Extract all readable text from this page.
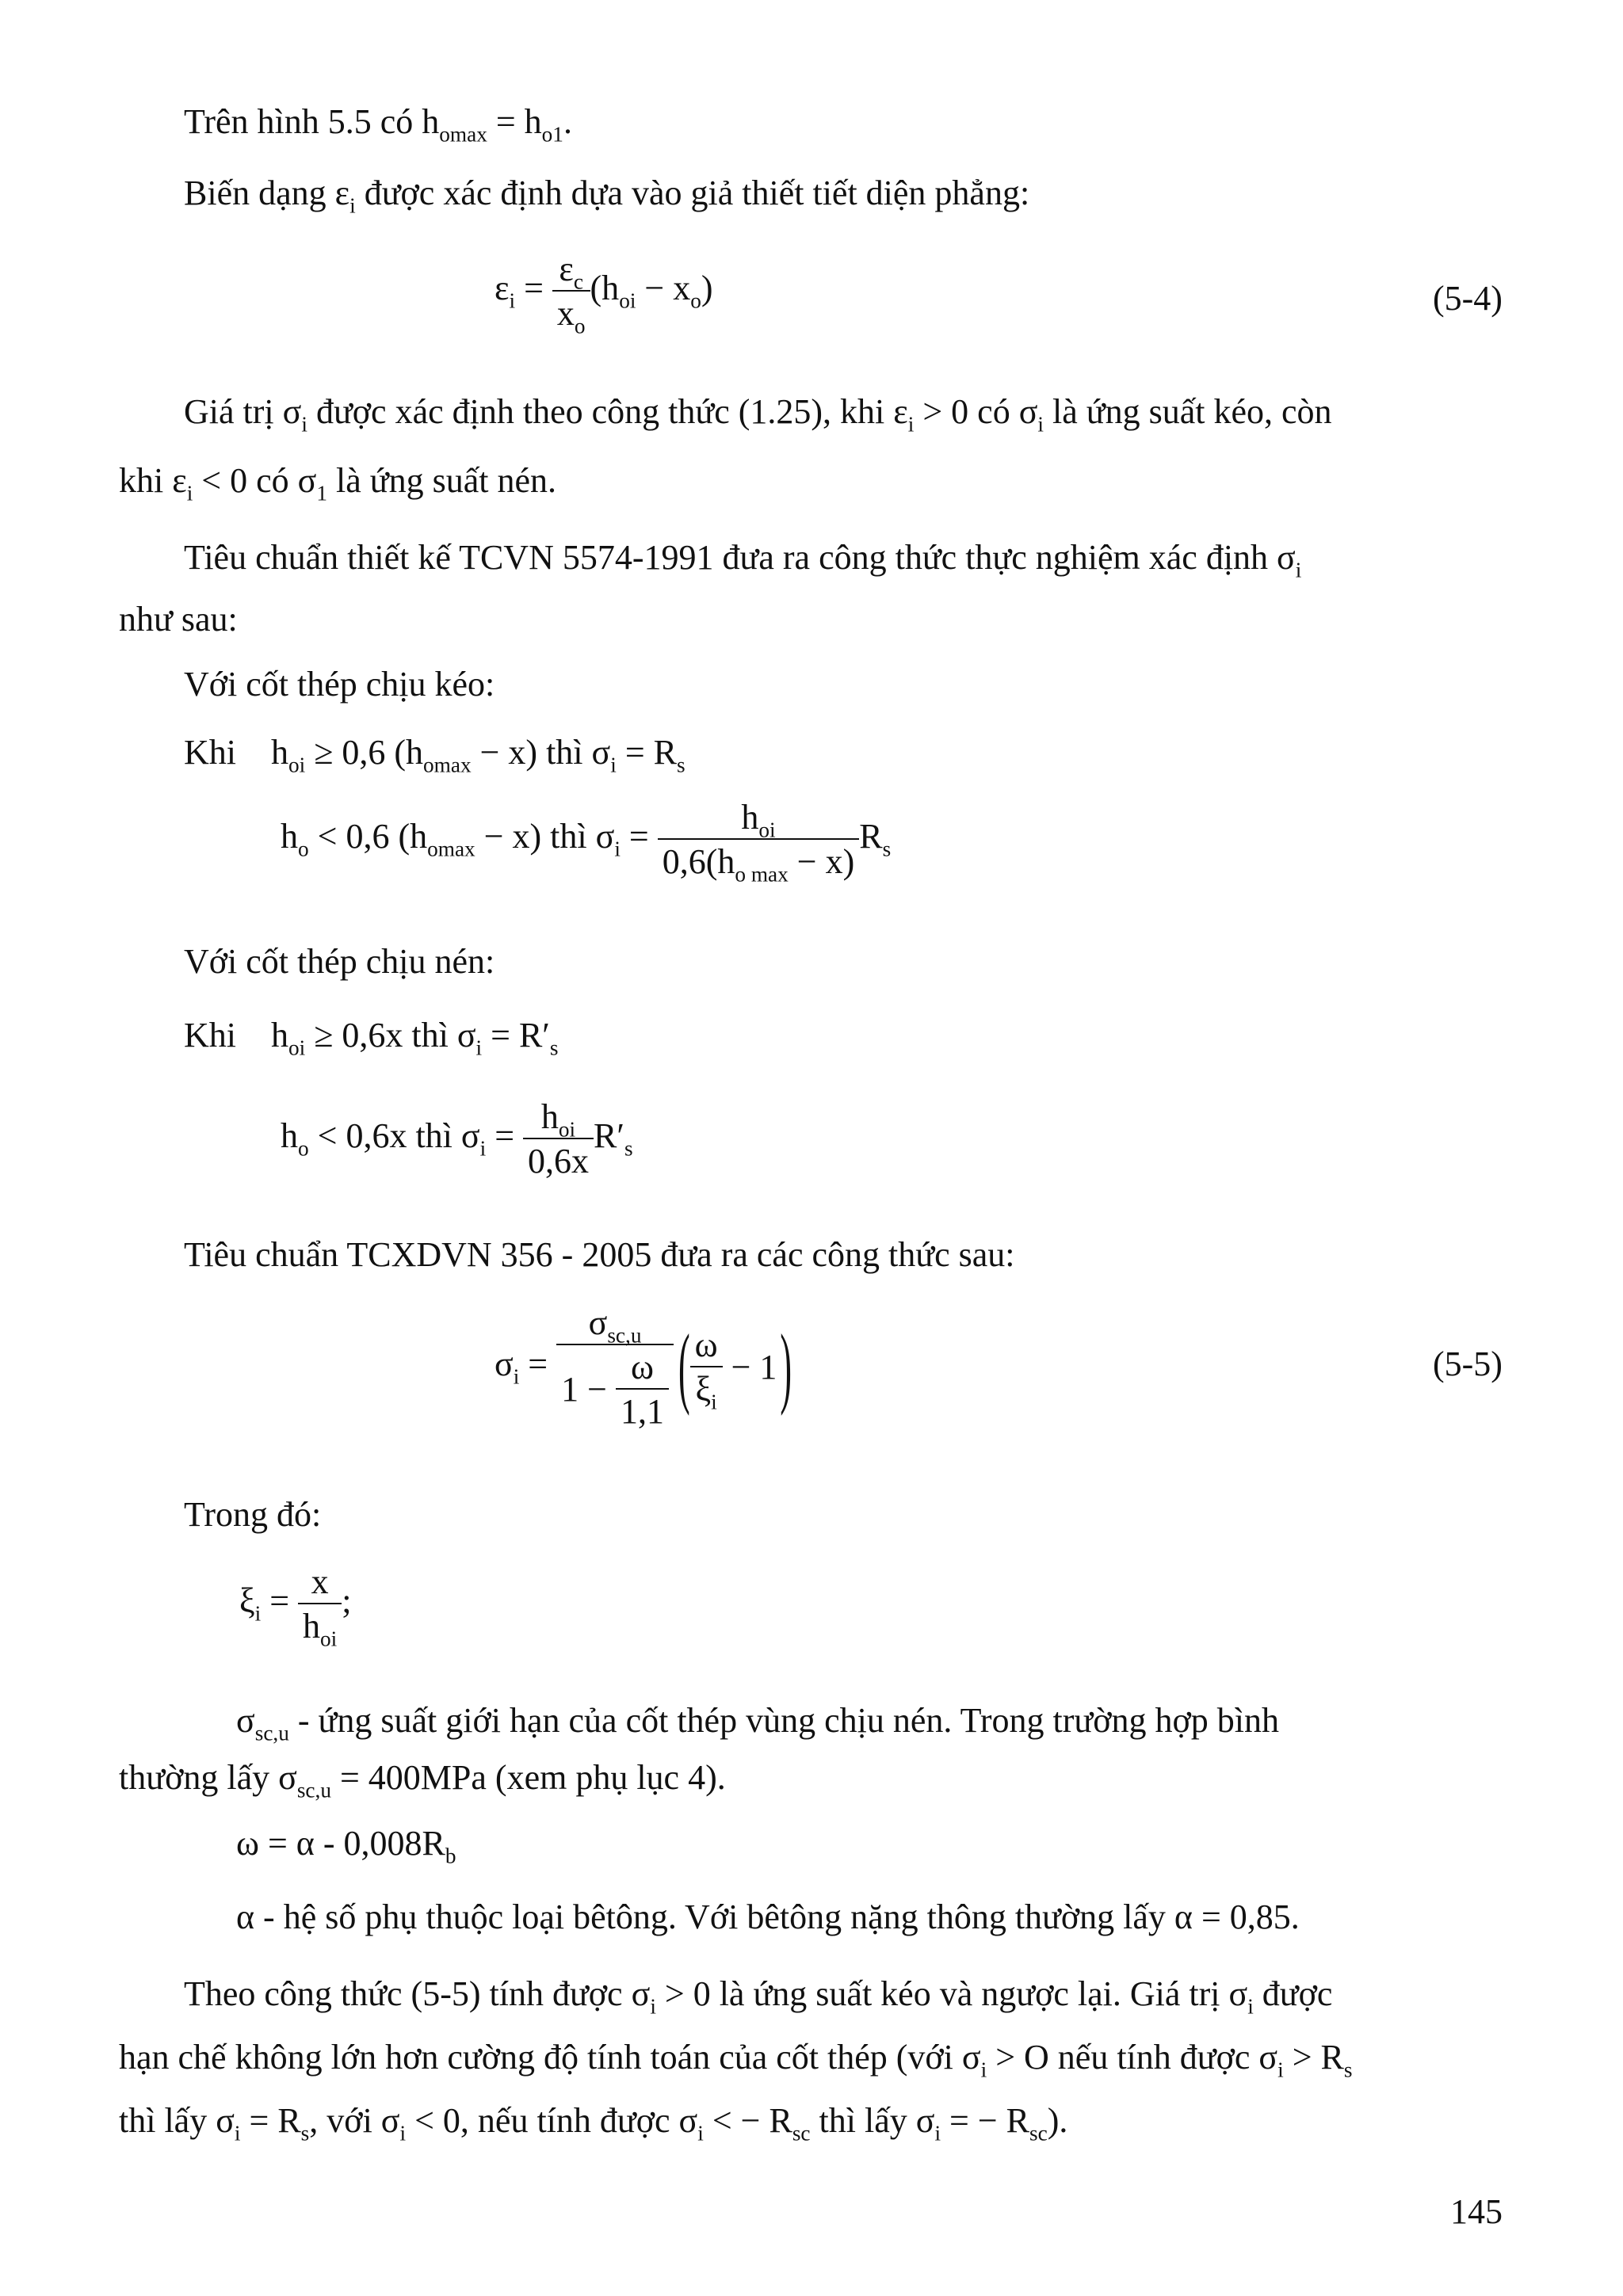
Trên hình 5.5 có $h_{omax} = h_{o1}$.
Biến dạng $\varepsilon_i$ được xác định dựa vào giả thiết tiết diện phẳng:
$\varepsilon_i = \frac{\varepsilon_c}{x_o} (h_{oi} - x_o)$	(5-4)
Giá trị $\sigma_i$ được xác định theo công thức (1.25), khi $\varepsilon_i > 0$ có $\sigma_i$ là ứng suất kéo, còn
khi $\varepsilon_i < 0$ có $\sigma_1$ là ứng suất nén.
Tiêu chuẩn thiết kế TCVN 5574-1991 đưa ra công thức thực nghiệm xác định $\sigma_i$
như sau:
Với cốt thép chịu kéo:
Khi $h_{oi} \ge 0,6$ $(h_{omax} - x)$ thì $\sigma_i = R_s$
$h_o < 0,6$ $(h_{omax} - x)$ thì $\sigma_i = \frac{h_{oi}}{0,6(h_{o max} - x)} R_s$
Với cốt thép chịu nén:
Khi $h_{oi} \ge 0,6x$ thì $\sigma_i = R'_s$
$h_o < 0,6x$ thì $\sigma_i = \frac{h_{oi}}{0,6x} R'_s$
Tiêu chuẩn TCXDVN 356 - 2005 đưa ra các công thức sau:
$\sigma_i = \frac{\sigma_{sc,u}}{1 - \frac{\omega}{1,1}}$ ( $\frac{\omega}{\xi_i} - 1$)	(5-5)
Trong đó:
$\xi_i = \frac{x}{h_{oi}}$ ;
$\sigma_{sc,u}$ - ứng suất giới hạn của cốt thép vùng chịu nén. Trong trường hợp bình
thường lấy $\sigma_{sc,u} = 400MPa$ (xem phụ lục 4).
$\omega = \alpha - 0,008R_b$
α - hệ số phụ thuộc loại bêtông. Với bêtông nặng thông thường lấy α = 0,85.
Theo công thức (5-5) tính được $\sigma_i > 0$ là ứng suất kéo và ngược lại. Giá trị $\sigma_i$ được
hạn chế không lớn hơn cường độ tính toán của cốt thép (với $\sigma_i > O$ nếu tính được $\sigma_i > R_s$
thì lấy $\sigma_i = R_s$, với $\sigma_i < 0$, nếu tính được $\sigma_i$ < − $R_{sc}$ thì lấy $\sigma_i$ = − $R_{sc}$).
145
